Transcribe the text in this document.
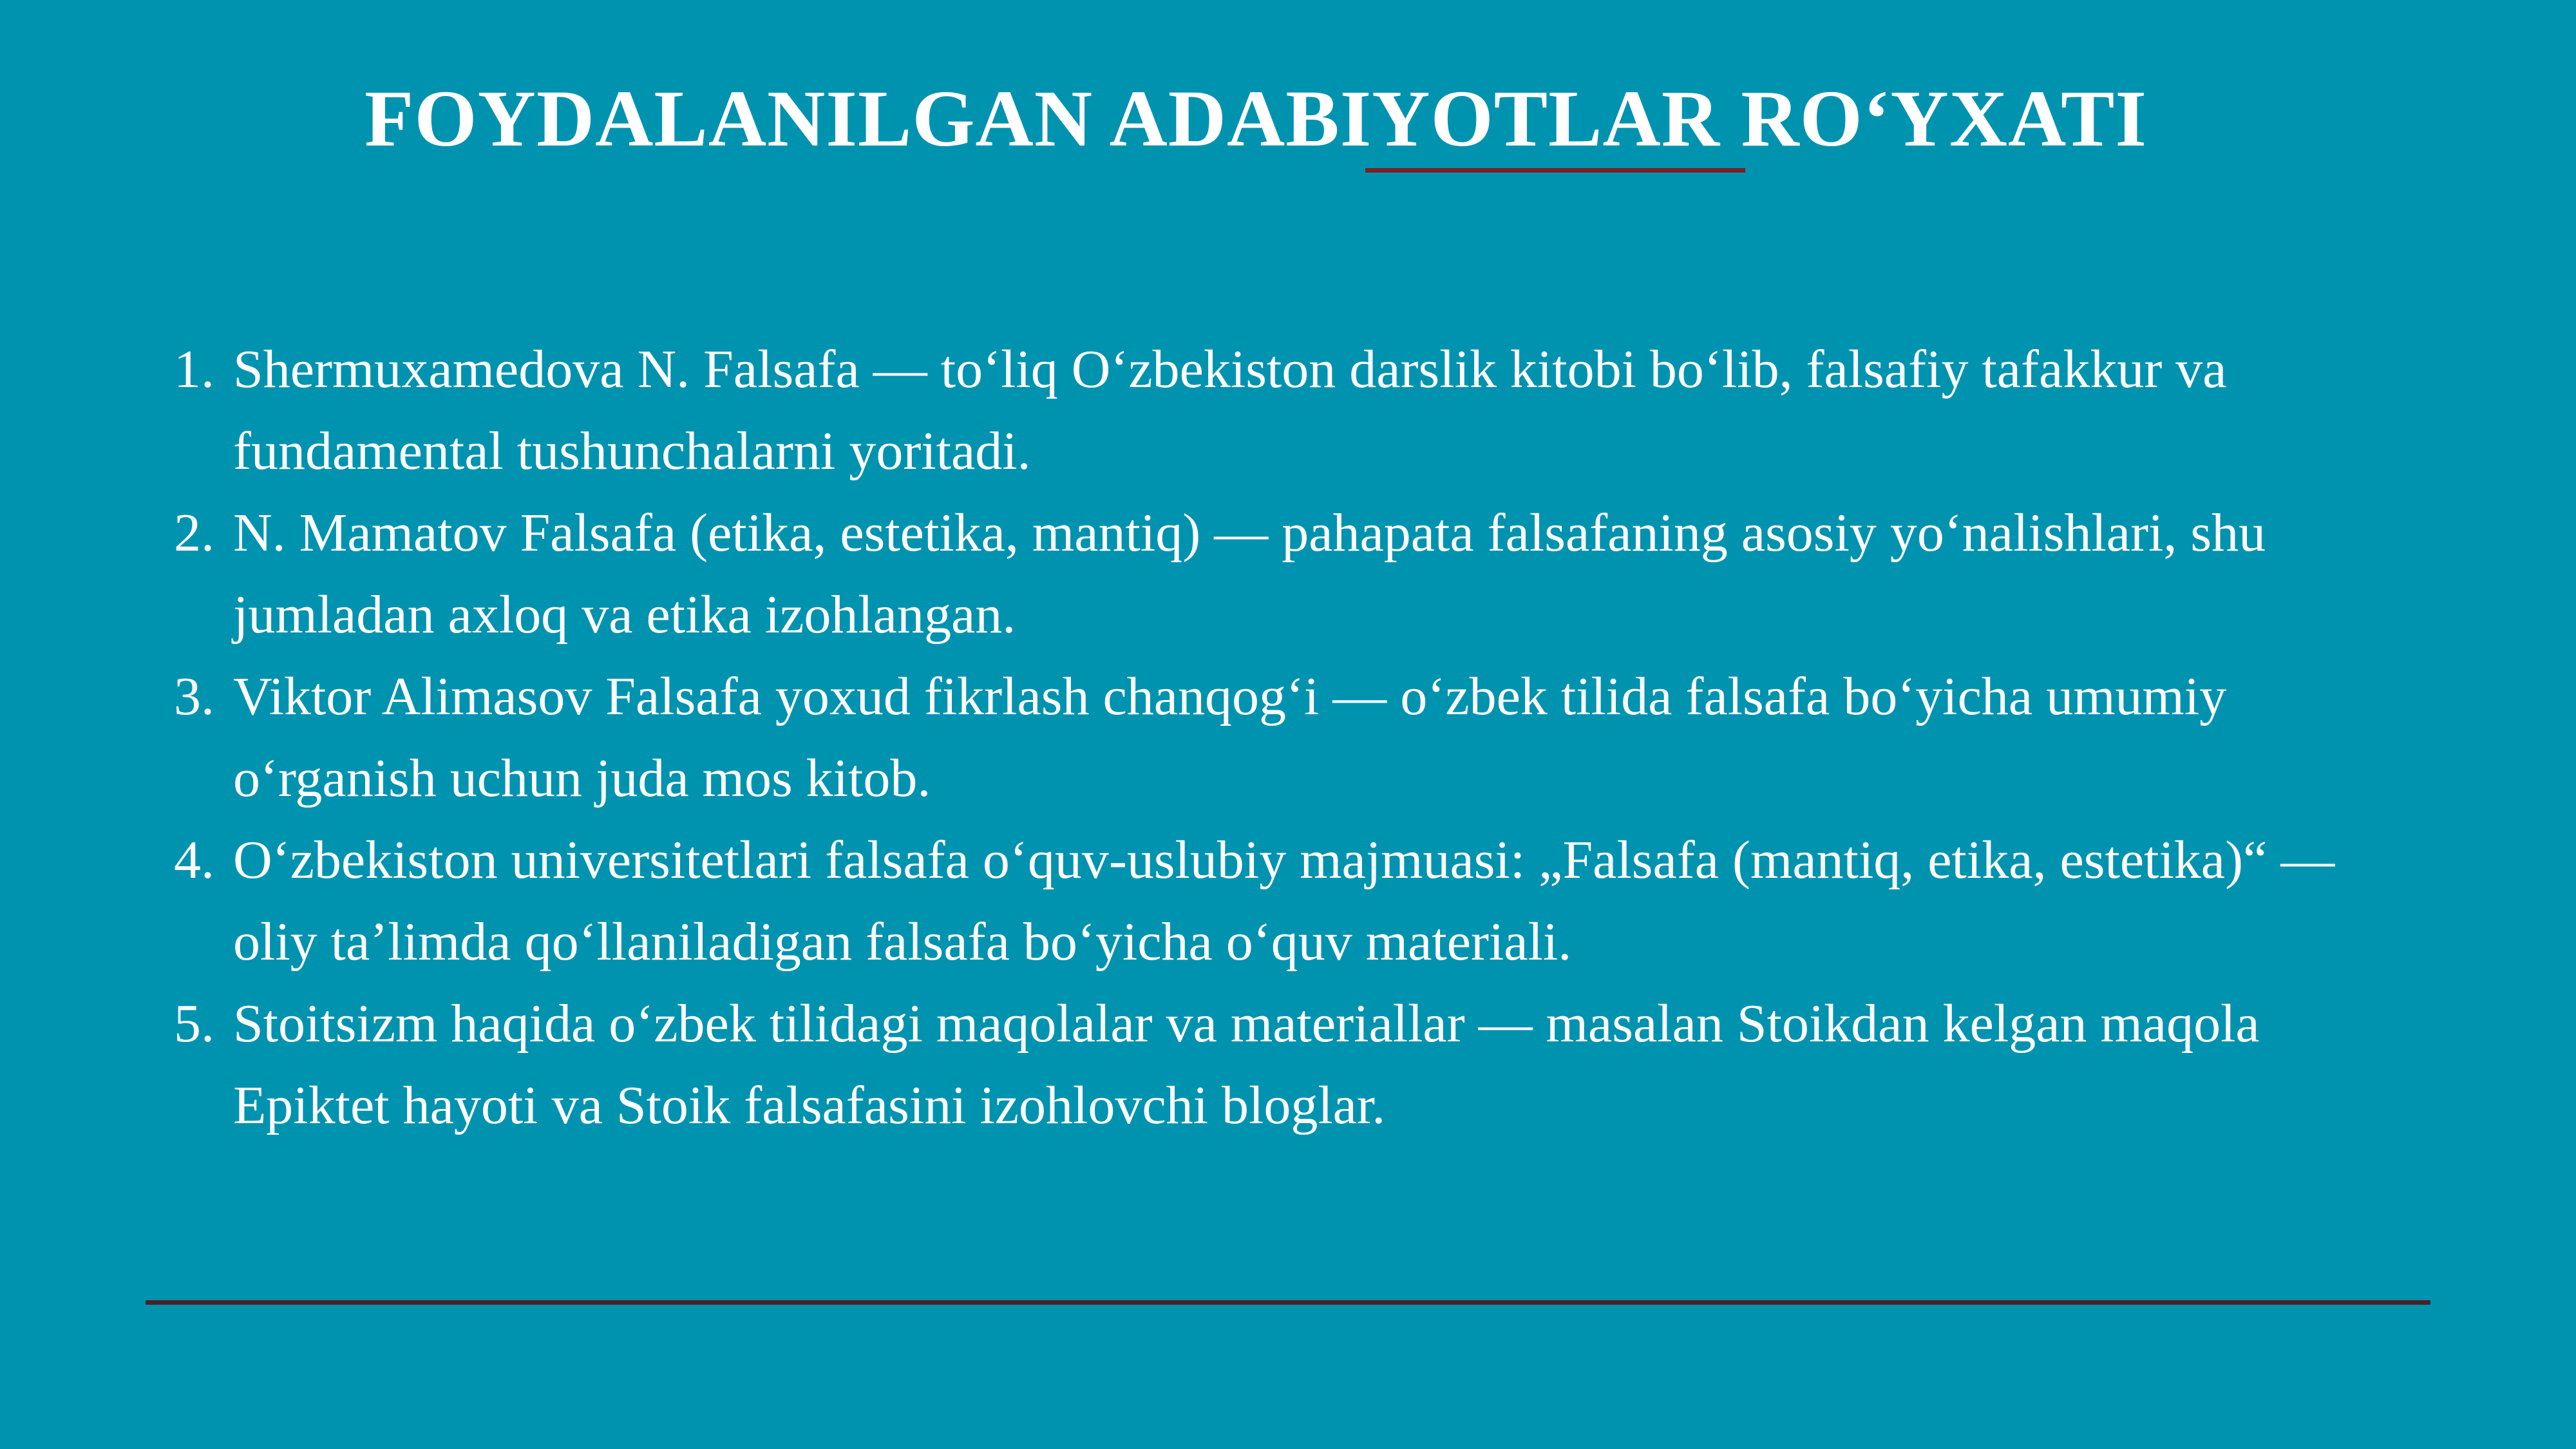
FOYDALANILGAN ADABIYOTLAR RO‘YXATI
1. Shermuxamedova N. Falsafa — to‘liq O‘zbekiston darslik kitobi bo‘lib, falsafiy tafakkur va
fundamental tushunchalarni yoritadi.
2. N. Mamatov Falsafa (etika, estetika, mantiq) — pahapata falsafaning asosiy yo‘nalishlari, shu
jumladan axloq va etika izohlangan.
3. Viktor Alimasov Falsafa yoxud fikrlash chanqog‘i — o‘zbek tilida falsafa bo‘yicha umumiy
o‘rganish uchun juda mos kitob.
4. O‘zbekiston universitetlari falsafa o‘quv-uslubiy majmuasi: „Falsafa (mantiq, etika, estetika)“ —
oliy ta’limda qo‘llaniladigan falsafa bo‘yicha o‘quv materiali.
5. Stoitsizm haqida o‘zbek tilidagi maqolalar va materiallar — masalan Stoikdan kelgan maqola
Epiktet hayoti va Stoik falsafasini izohlovchi bloglar.
